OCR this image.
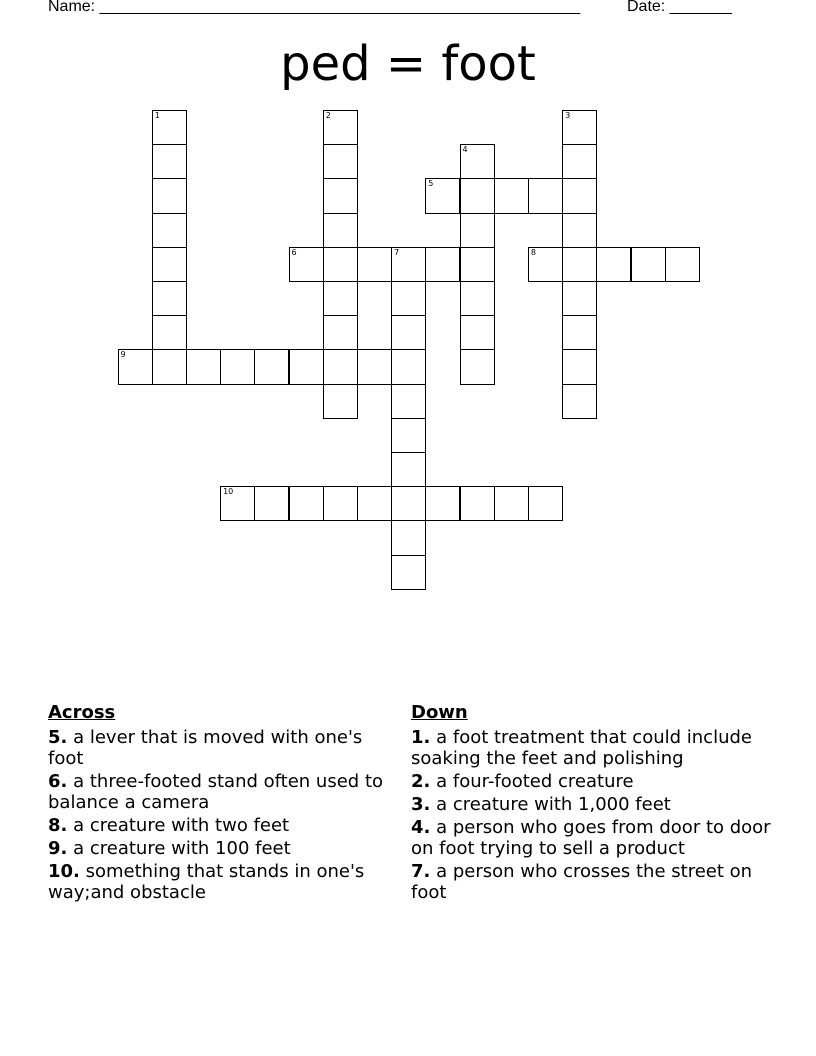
Name: ______________________________________________________	Date: _______
ped = foot
1	2	3
4
5
6	7	8
9
10
Across
5. a lever that is moved with one's foot
6. a three-footed stand often used to balance a camera
8. a creature with two feet
9. a creature with 100 feet
10. something that stands in one's way;and obstacle
Down
1. a foot treatment that could include soaking the feet and polishing
2. a four-footed creature
3. a creature with 1,000 feet
4. a person who goes from door to door on foot trying to sell a product
7. a person who crosses the street on foot
